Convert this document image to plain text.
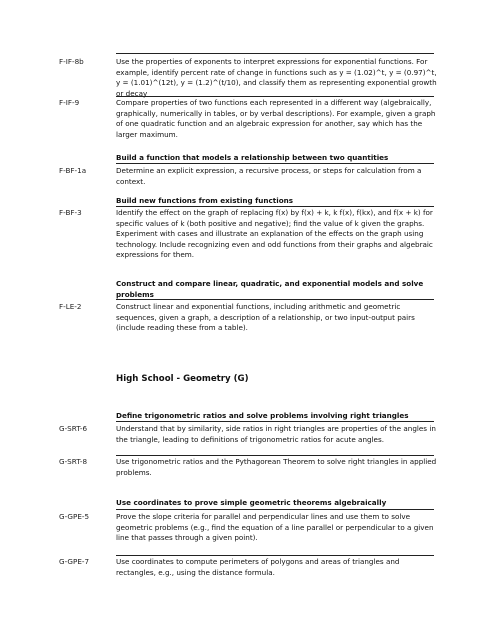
F-IF-8b	Use the properties of exponents to interpret expressions for exponential functions. For example, identify percent rate of change in functions such as y = (1.02)^t, y = (0.97)^t, y = (1.01)^(12t), y = (1.2)^(t/10), and classify them as representing exponential growth or decay
F-IF-9	Compare properties of two functions each represented in a different way (algebraically, graphically, numerically in tables, or by verbal descriptions). For example, given a graph of one quadratic function and an algebraic expression for another, say which has the larger maximum.
Build a function that models a relationship between two quantities
F-BF-1a	Determine an explicit expression, a recursive process, or steps for calculation from a context.
Build new functions from existing functions
F-BF-3	Identify the effect on the graph of replacing f(x) by f(x) + k, k f(x), f(kx), and f(x + k) for specific values of k (both positive and negative); find the value of k given the graphs. Experiment with cases and illustrate an explanation of the effects on the graph using technology. Include recognizing even and odd functions from their graphs and algebraic expressions for them.
Construct and compare linear, quadratic, and exponential models and solve problems
F-LE-2	Construct linear and exponential functions, including arithmetic and geometric sequences, given a graph, a description of a relationship, or two input-output pairs (include reading these from a table).
High School - Geometry (G)
Define trigonometric ratios and solve problems involving right triangles
G-SRT-6	Understand that by similarity, side ratios in right triangles are properties of the angles in the triangle, leading to definitions of trigonometric ratios for acute angles.
G-SRT-8	Use trigonometric ratios and the Pythagorean Theorem to solve right triangles in applied problems.
Use coordinates to prove simple geometric theorems algebraically
G-GPE-5	Prove the slope criteria for parallel and perpendicular lines and use them to solve geometric problems (e.g., find the equation of a line parallel or perpendicular to a given line that passes through a given point).
G-GPE-7	Use coordinates to compute perimeters of polygons and areas of triangles and rectangles, e.g., using the distance formula.
